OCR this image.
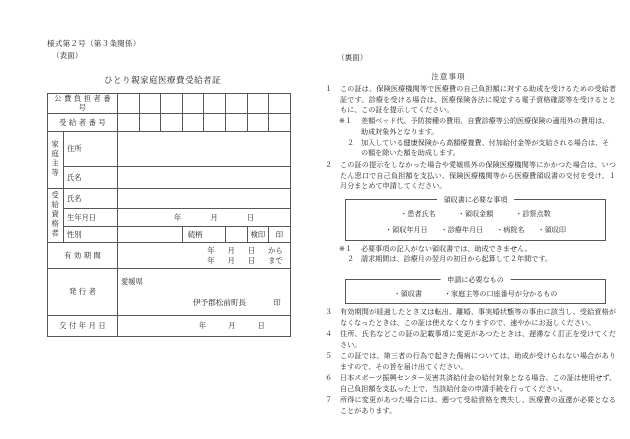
様式第２号（第３条関係）
（表面）
ひとり親家庭医療費受給者証
公 費 負 担 者 番 号									
受 給 者 番 号									
家庭主等	住所								
	氏名								
受給資格者	氏名								
	生年月日	年 月 日							

	性別				続柄			検印	印
有 効 期 間	
年 月 日 から
年 月 日 まで

発 行 者		愛媛県
伊予郡松前町長 印							

交 付 年 月 日		年 月 日							
（裏面）
注意事項
１	この証は、保険医療機関等で医療費の自己負担額に対する助成を受けるための受給者証です。診療を受ける場合は、医療保険各法に規定する電子資格確認等を受けるとともに、この証を提示してください。
※１	差額ベッド代、予防接種の費用、自費診療等公的医療保険の適用外の費用は、助成対象外となります。
２ 加入している健康保険から高額療養費、付加給付金等が支給される場合は、その額を除いた額を助成します。
２	この証の提示をしなかった場合や愛媛県外の保険医療機関等にかかつた場合は、いつたん窓口で自己負担額を支払い、保険医療機関等から医療費領収書の交付を受け、１月分まとめて申請してください。
領収書に必要な事項
・患者氏名	・領収金額	・診察点数
・領収年月日 ・診療年月日 ・病院名 ・領収印
※１	必要事項の記入がない領収書では、助成できません。
２ 請求期間は、診療月の翌月の初日から起算して２年間です。
申請に必要なもの
・領収書	・家庭主等の口座番号が分かるもの
３	有効期間が経過したとき又は転出、離婚、事実婚状態等の事由に該当し、受給資格がなくなったときは、この証は使えなくなりますので、速やかにお返しください。
４	住所、氏名などこの証の記載事項に変更があつたときは、遅滞なく訂正を受けてください。
５	この証では、第三者の行為で起きた傷病については、助成が受けられない場合がありますので、その旨を届け出てください。
６	日本スポーツ振興センター災害共済給付金の給付対象となる場合、この証は使用せず、自己負担額を支払った上で、当該給付金の申請手続を行ってください。
７	所得に変更があつた場合には、遡つて受給資格を喪失し、医療費の返還が必要となることがあります。
